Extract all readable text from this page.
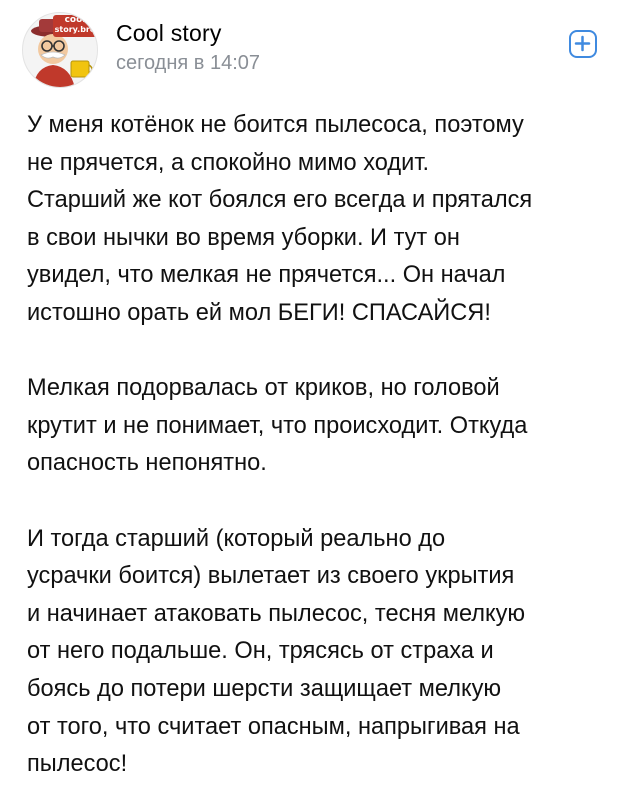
cool
story.bro Cool story
сегодня в 14:07

У меня котёнок не боится пылесоса, поэтому
не прячется, а спокойно мимо ходит.
Старший же кот боялся его всегда и прятался
в свои нычки во время уборки. И тут он
увидел, что мелкая не прячется... Он начал
истошно орать ей мол БЕГИ! СПАСАЙСЯ!

Мелкая подорвалась от криков, но головой
крутит и не понимает, что происходит. Откуда
опасность непонятно.

И тогда старший (который реально до
усрачки боится) вылетает из своего укрытия
и начинает атаковать пылесос, тесня мелкую
от него подальше. Он, трясясь от страха и
боясь до потери шерсти защищает мелкую
от того, что считает опасным, напрыгивая на
пылесос!
